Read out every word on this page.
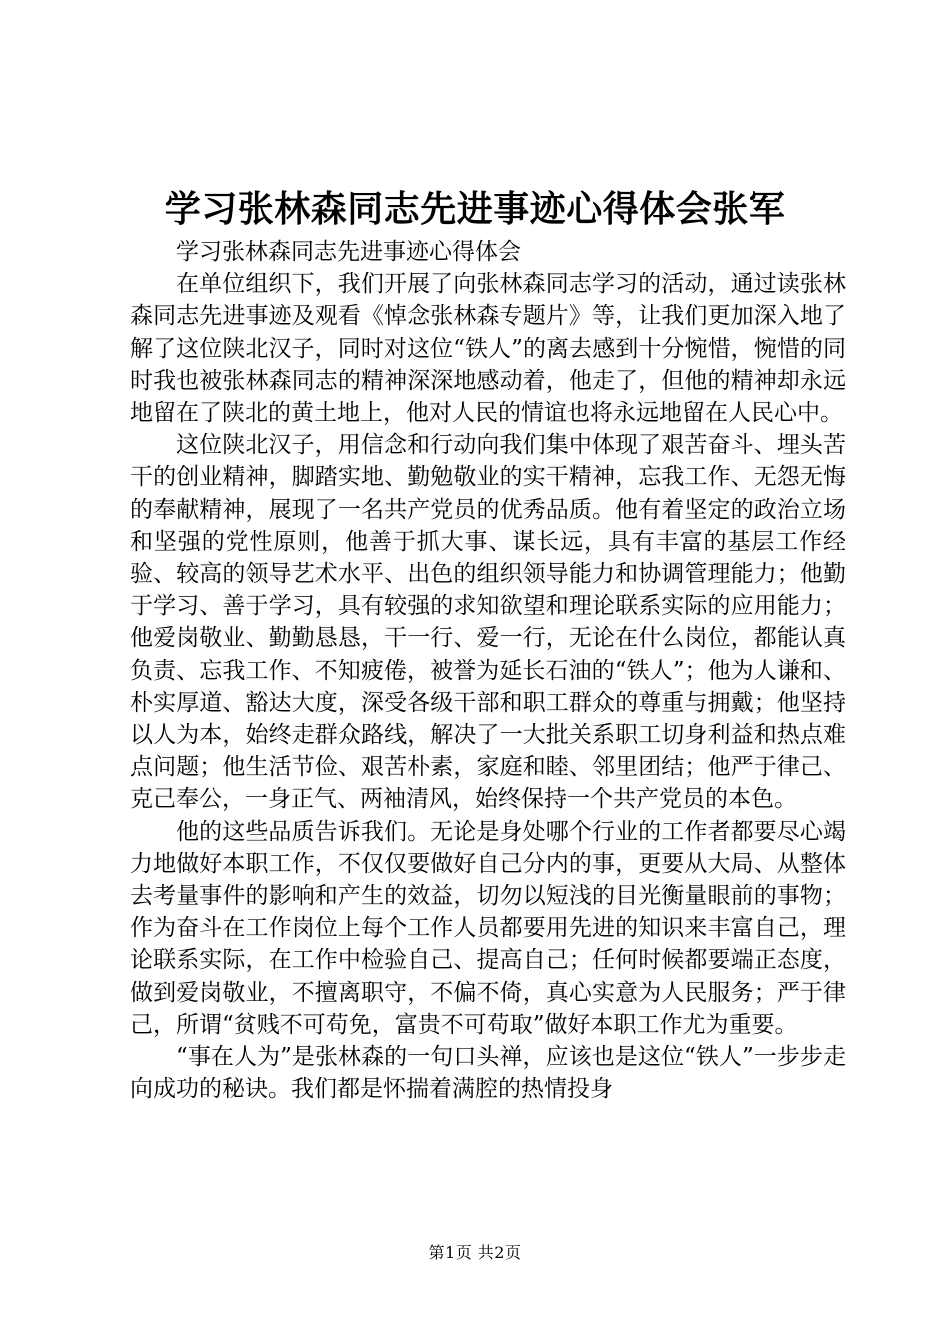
学习张林森同志先进事迹心得体会张军

学习张林森同志先进事迹心得体会

在单位组织下，我们开展了向张林森同志学习的活动，通过读张林森同志先进事迹及观看《悼念张林森专题片》等，让我们更加深入地了解了这位陕北汉子，同时对这位“铁人”的离去感到十分惋惜，惋惜的同时我也被张林森同志的精神深深地感动着，他走了，但他的精神却永远地留在了陕北的黄土地上，他对人民的情谊也将永远地留在人民心中。

这位陕北汉子，用信念和行动向我们集中体现了艰苦奋斗、埋头苦干的创业精神，脚踏实地、勤勉敬业的实干精神，忘我工作、无怨无悔的奉献精神，展现了一名共产党员的优秀品质。他有着坚定的政治立场和坚强的党性原则，他善于抓大事、谋长远，具有丰富的基层工作经验、较高的领导艺术水平、出色的组织领导能力和协调管理能力；他勤于学习、善于学习，具有较强的求知欲望和理论联系实际的应用能力；他爱岗敬业、勤勤恳恳，干一行、爱一行，无论在什么岗位，都能认真负责、忘我工作、不知疲倦，被誉为延长石油的“铁人”；他为人谦和、朴实厚道、豁达大度，深受各级干部和职工群众的尊重与拥戴；他坚持以人为本，始终走群众路线，解决了一大批关系职工切身利益和热点难点问题；他生活节俭、艰苦朴素，家庭和睦、邻里团结；他严于律己、克己奉公，一身正气、两袖清风，始终保持一个共产党员的本色。

他的这些品质告诉我们。无论是身处哪个行业的工作者都要尽心竭力地做好本职工作，不仅仅要做好自己分内的事，更要从大局、从整体去考量事件的影响和产生的效益，切勿以短浅的目光衡量眼前的事物；作为奋斗在工作岗位上每个工作人员都要用先进的知识来丰富自己，理论联系实际，在工作中检验自己、提高自己；任何时候都要端正态度，做到爱岗敬业，不擅离职守，不偏不倚，真心实意为人民服务；严于律己，所谓“贫贱不可苟免，富贵不可苟取”做好本职工作尤为重要。

“事在人为”是张林森的一句口头禅，应该也是这位“铁人”一步步走向成功的秘诀。我们都是怀揣着满腔的热情投身

第1页 共2页
